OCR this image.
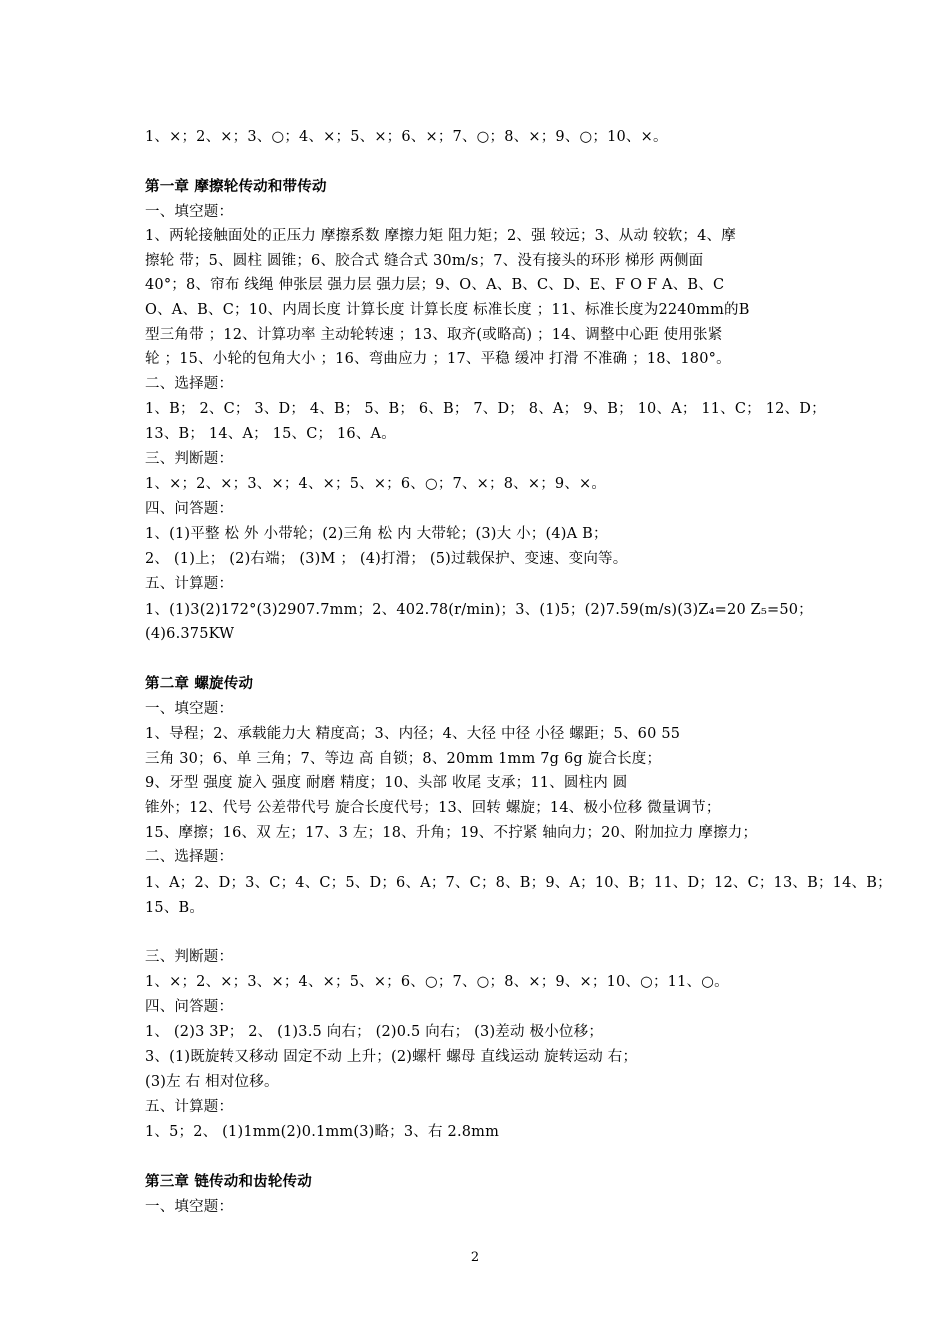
1、×；2、×；3、○；4、×；5、×；6、×；7、○；8、×；9、○；10、×。
第一章 摩擦轮传动和带传动
一、填空题：
1、两轮接触面处的正压力 摩擦系数 摩擦力矩 阻力矩；2、强 较远；3、从动 较软；4、摩
擦轮 带；5、圆柱 圆锥；6、胶合式 缝合式 30m/s；7、没有接头的环形 梯形 两侧面
40°；8、帘布 线绳 伸张层 强力层 强力层；9、O、A、B、C、D、E、F O F A、B、C
O、A、B、C；10、内周长度 计算长度 计算长度 标准长度 ；11、标准长度为2240mm的B
型三角带 ；12、计算功率 主动轮转速 ；13、取齐(或略高) ；14、调整中心距 使用张紧
轮 ；15、小轮的包角大小 ；16、弯曲应力 ；17、平稳 缓冲 打滑 不准确 ；18、180°。
二、选择题：
1、B； 2、C； 3、D； 4、B； 5、B； 6、B； 7、D； 8、A； 9、B； 10、A； 11、C； 12、D；
13、B； 14、A； 15、C； 16、A。
三、判断题：
1、×；2、×；3、×；4、×；5、×；6、○；7、×；8、×；9、×。
四、问答题：
1、(1)平整 松 外 小带轮；(2)三角 松 内 大带轮；(3)大 小；(4)A B；
2、 (1)上； (2)右端； (3)M ； (4)打滑； (5)过载保护、变速、变向等。
五、计算题：
1、(1)3(2)172°(3)2907.7mm；2、402.78(r/min)；3、(1)5；(2)7.59(m/s)(3)Z₄=20 Z₅=50；
(4)6.375KW
第二章 螺旋传动
一、填空题：
1、导程；2、承载能力大 精度高；3、内径；4、大径 中径 小径 螺距；5、60 55
三角 30；6、单 三角；7、等边 高 自锁；8、20mm 1mm 7g 6g 旋合长度；
9、牙型 强度 旋入 强度 耐磨 精度；10、头部 收尾 支承；11、圆柱内 圆
锥外；12、代号 公差带代号 旋合长度代号；13、回转 螺旋；14、极小位移 微量调节；
15、摩擦；16、双 左；17、3 左；18、升角；19、不拧紧 轴向力；20、附加拉力 摩擦力；
二、选择题：
1、A；2、D；3、C；4、C；5、D；6、A；7、C；8、B；9、A；10、B；11、D；12、C；13、B；14、B；
15、B。
三、判断题：
1、×；2、×；3、×；4、×；5、×；6、○；7、○；8、×；9、×；10、○；11、○。
四、问答题：
1、 (2)3 3P； 2、 (1)3.5 向右； (2)0.5 向右； (3)差动 极小位移；
3、(1)既旋转又移动 固定不动 上升；(2)螺杆 螺母 直线运动 旋转运动 右；
(3)左 右 相对位移。
五、计算题：
1、5；2、 (1)1mm(2)0.1mm(3)略；3、右 2.8mm
第三章 链传动和齿轮传动
一、填空题：
2
